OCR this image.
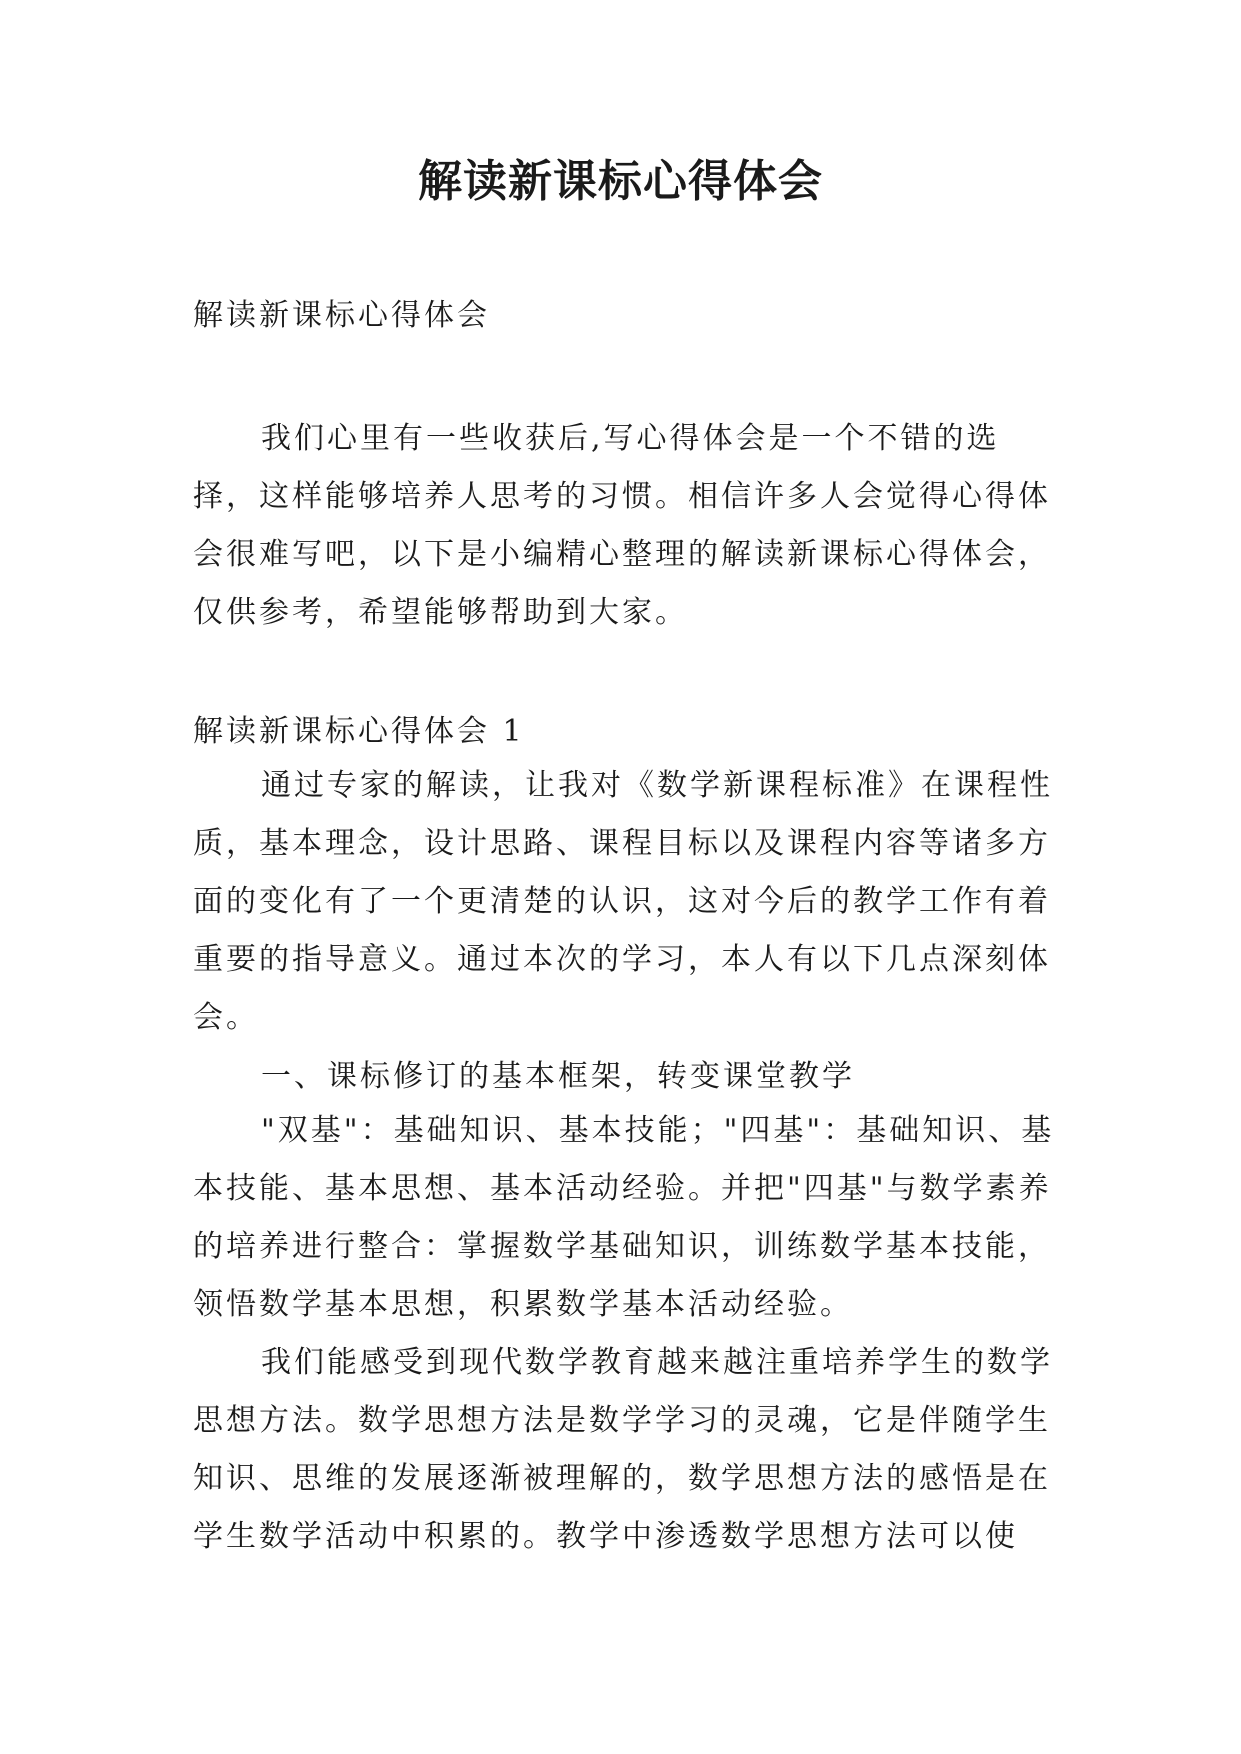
解读新课标心得体会

解读新课标心得体会

我们心里有一些收获后,写心得体会是一个不错的选择，这样能够培养人思考的习惯。相信许多人会觉得心得体会很难写吧，以下是小编精心整理的解读新课标心得体会，仅供参考，希望能够帮助到大家。

解读新课标心得体会 1

通过专家的解读，让我对《数学新课程标准》在课程性质，基本理念，设计思路、课程目标以及课程内容等诸多方面的变化有了一个更清楚的认识，这对今后的教学工作有着重要的指导意义。通过本次的学习，本人有以下几点深刻体会。

一、课标修订的基本框架，转变课堂教学

"双基"：基础知识、基本技能；"四基"：基础知识、基本技能、基本思想、基本活动经验。并把"四基"与数学素养的培养进行整合：掌握数学基础知识，训练数学基本技能，领悟数学基本思想，积累数学基本活动经验。

我们能感受到现代数学教育越来越注重培养学生的数学思想方法。数学思想方法是数学学习的灵魂，它是伴随学生知识、思维的发展逐渐被理解的，数学思想方法的感悟是在学生数学活动中积累的。教学中渗透数学思想方法可以使
